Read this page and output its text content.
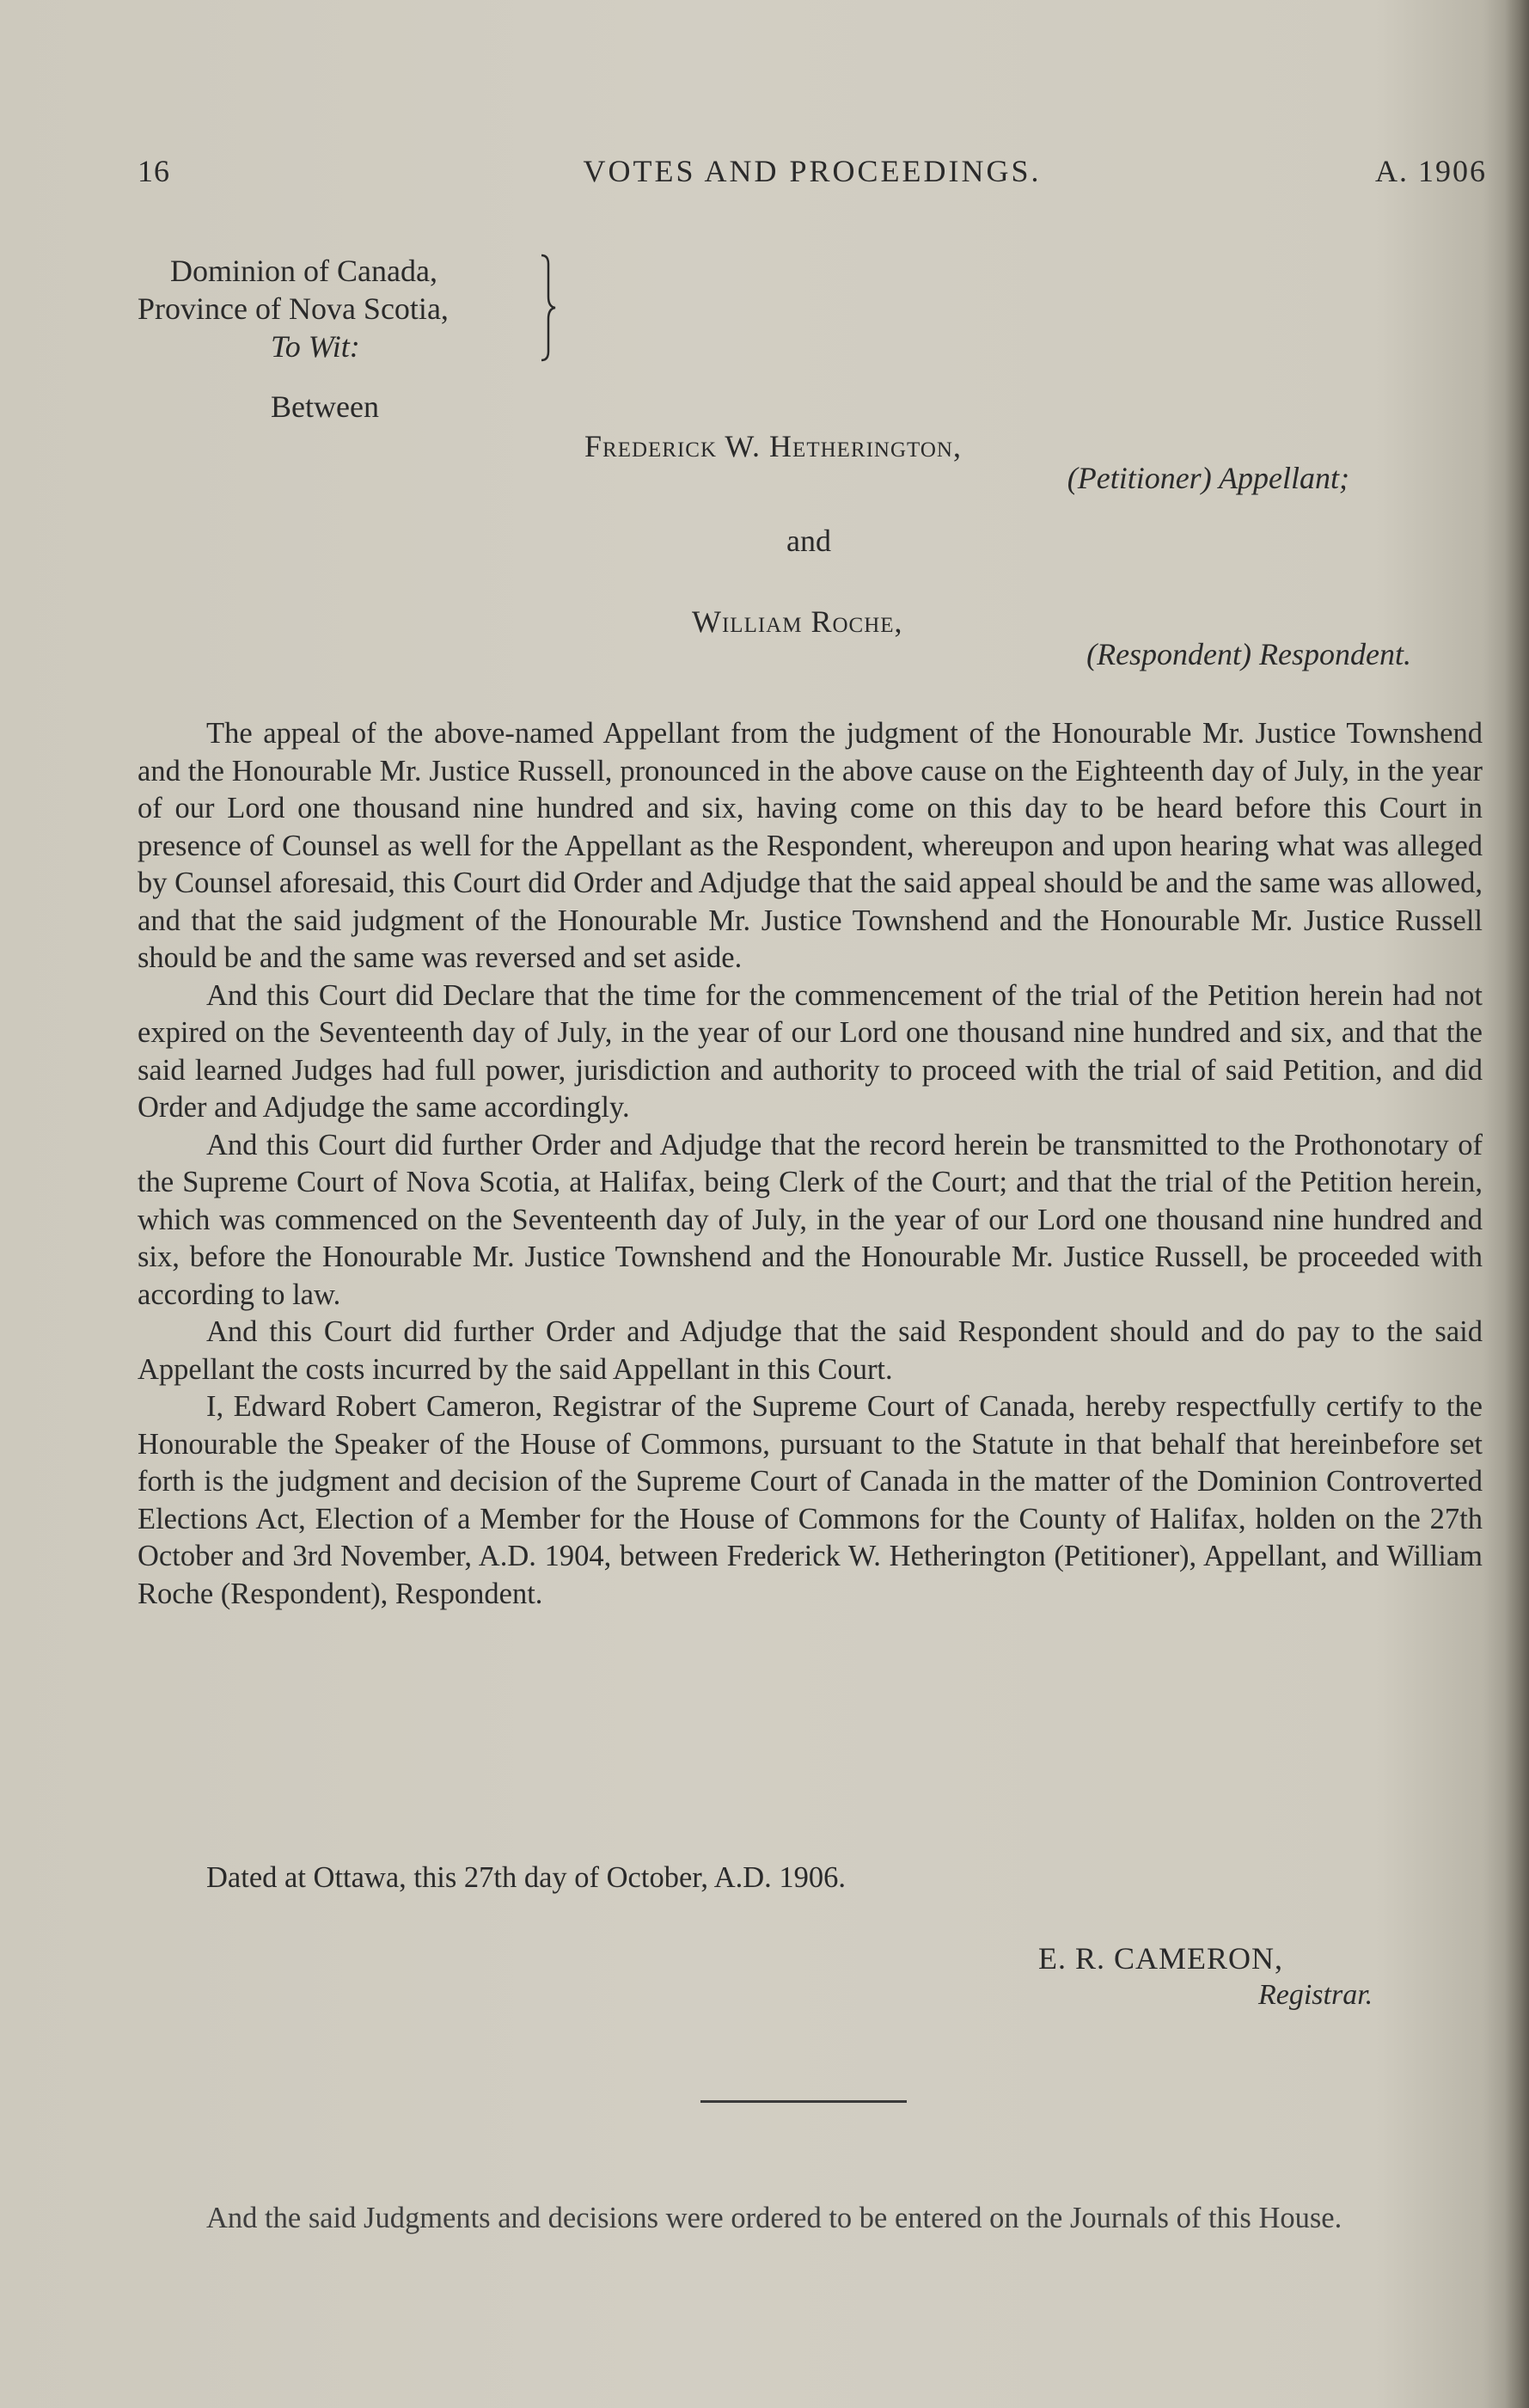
16	VOTES AND PROCEEDINGS.	A. 1906
Dominion of Canada,
Province of Nova Scotia,
To Wit:
Between
Frederick W. Hetherington,
(Petitioner) Appellant;
and
William Roche,
(Respondent) Respondent.

The appeal of the above-named Appellant from the judgment of the Honourable Mr. Justice Townshend and the Honourable Mr. Justice Russell, pronounced in the above cause on the Eighteenth day of July, in the year of our Lord one thousand nine hundred and six, having come on this day to be heard before this Court in presence of Counsel as well for the Appellant as the Respondent, whereupon and upon hearing what was alleged by Counsel aforesaid, this Court did Order and Adjudge that the said appeal should be and the same was allowed, and that the said judgment of the Honourable Mr. Justice Townshend and the Honourable Mr. Justice Russell should be and the same was reversed and set aside.

And this Court did Declare that the time for the commencement of the trial of the Petition herein had not expired on the Seventeenth day of July, in the year of our Lord one thousand nine hundred and six, and that the said learned Judges had full power, jurisdiction and authority to proceed with the trial of said Petition, and did Order and Adjudge the same accordingly.

And this Court did further Order and Adjudge that the record herein be transmitted to the Prothonotary of the Supreme Court of Nova Scotia, at Halifax, being Clerk of the Court; and that the trial of the Petition herein, which was commenced on the Seventeenth day of July, in the year of our Lord one thousand nine hundred and six, before the Honourable Mr. Justice Townshend and the Honourable Mr. Justice Russell, be proceeded with according to law.

And this Court did further Order and Adjudge that the said Respondent should and do pay to the said Appellant the costs incurred by the said Appellant in this Court.

I, Edward Robert Cameron, Registrar of the Supreme Court of Canada, hereby respectfully certify to the Honourable the Speaker of the House of Commons, pursuant to the Statute in that behalf that hereinbefore set forth is the judgment and decision of the Supreme Court of Canada in the matter of the Dominion Controverted Elections Act, Election of a Member for the House of Commons for the County of Halifax, holden on the 27th October and 3rd November, A.D. 1904, between Frederick W. Hetherington (Petitioner), Appellant, and William Roche (Respondent), Respondent.

Dated at Ottawa, this 27th day of October, A.D. 1906.
E. R. CAMERON,
Registrar.

And the said Judgments and decisions were ordered to be entered on the Journals of this House.
